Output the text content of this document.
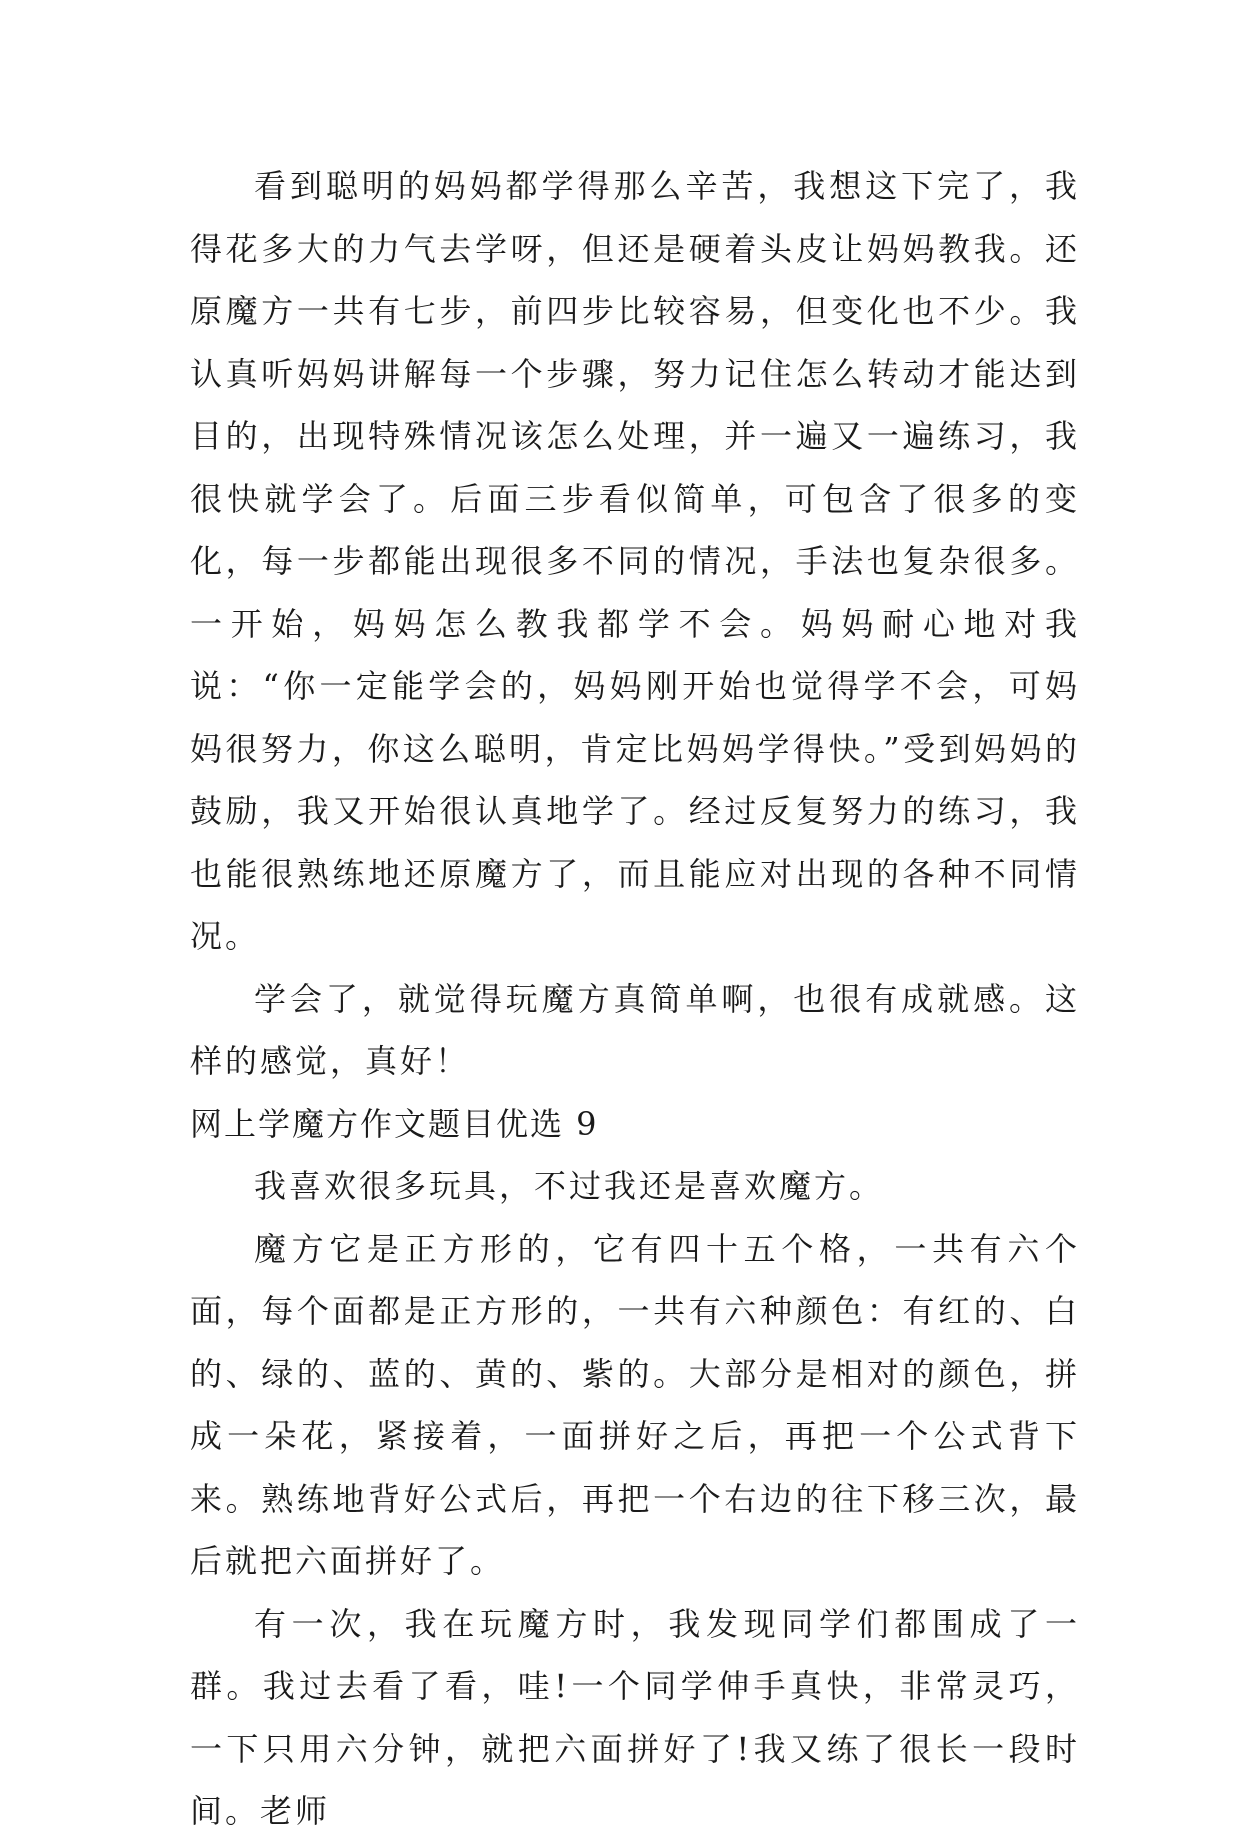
看到聪明的妈妈都学得那么辛苦，我想这下完了，我得花多大的力气去学呀，但还是硬着头皮让妈妈教我。还原魔方一共有七步，前四步比较容易，但变化也不少。我认真听妈妈讲解每一个步骤，努力记住怎么转动才能达到目的，出现特殊情况该怎么处理，并一遍又一遍练习，我很快就学会了。后面三步看似简单，可包含了很多的变化，每一步都能出现很多不同的情况，手法也复杂很多。一开始，妈妈怎么教我都学不会。妈妈耐心地对我说：“你一定能学会的，妈妈刚开始也觉得学不会，可妈妈很努力，你这么聪明，肯定比妈妈学得快。”受到妈妈的鼓励，我又开始很认真地学了。经过反复努力的练习，我也能很熟练地还原魔方了，而且能应对出现的各种不同情况。

学会了，就觉得玩魔方真简单啊，也很有成就感。这样的感觉，真好！

网上学魔方作文题目优选 9

我喜欢很多玩具，不过我还是喜欢魔方。

魔方它是正方形的，它有四十五个格，一共有六个面，每个面都是正方形的，一共有六种颜色：有红的、白的、绿的、蓝的、黄的、紫的。大部分是相对的颜色，拼成一朵花，紧接着，一面拼好之后，再把一个公式背下来。熟练地背好公式后，再把一个右边的往下移三次，最后就把六面拼好了。

有一次，我在玩魔方时，我发现同学们都围成了一群。我过去看了看，哇!一个同学伸手真快，非常灵巧，一下只用六分钟，就把六面拼好了!我又练了很长一段时间。老师
